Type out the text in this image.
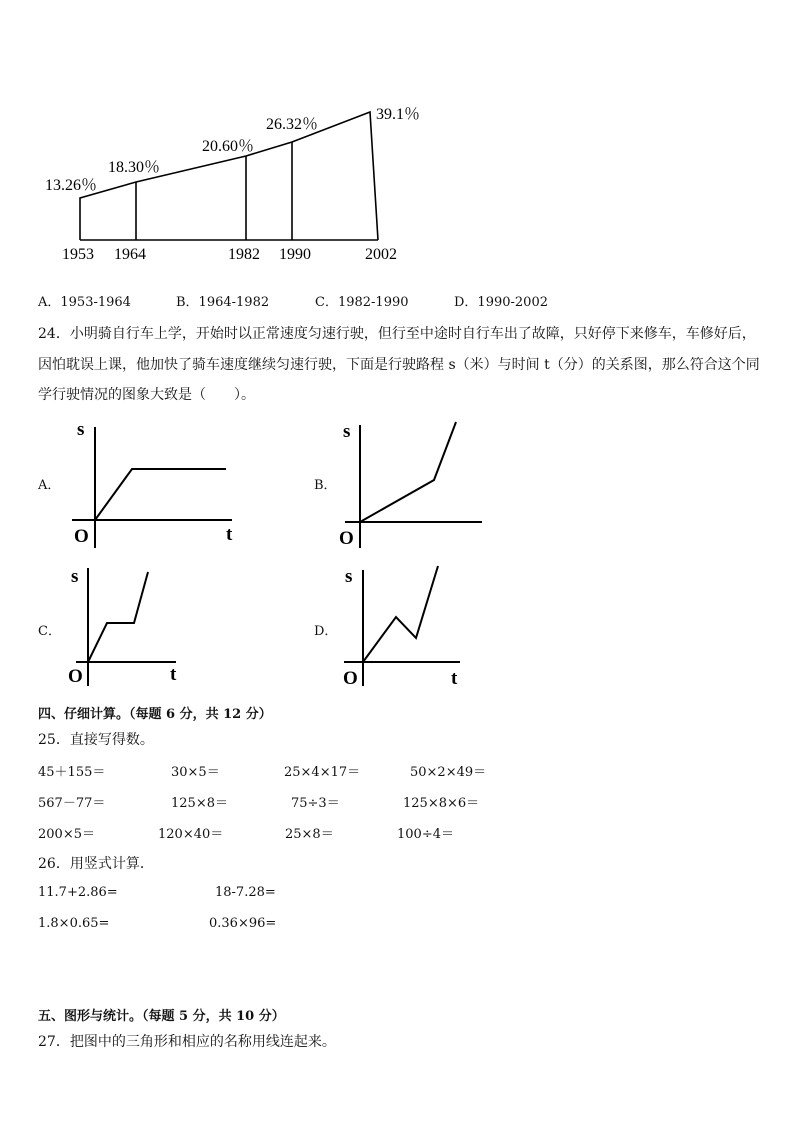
1953 1964	1982 1990	2002
13.26％
18.30％
20.60％
26.32％
39.1％
s
O	t
s
O
s
O	t
s
O	t
A．1953-1964	B．1964-1982	C．1982-1990	D．1990-2002
24．小明骑自行车上学，开始时以正常速度匀速行驶，但行至中途时自行车出了故障，只好停下来修车，车修好后，
因怕耽误上课，他加快了骑车速度继续匀速行驶，下面是行驶路程 s（米）与时间 t（分）的关系图，那么符合这个同
学行驶情况的图象大致是（　　）。
A．	B．
C．	D．
四、仔细计算。（每题 6 分，共 12 分）
25．直接写得数。
45＋155＝	30×5＝	25×4×17＝	50×2×49＝
567－77＝	125×8＝	75÷3＝	125×8×6＝
200×5＝	120×40＝	25×8＝	100÷4＝
26．用竖式计算．
11.7+2.86=	18-7.28=
1.8×0.65=	0.36×96=
五、图形与统计。（每题 5 分，共 10 分）
27．把图中的三角形和相应的名称用线连起来。
